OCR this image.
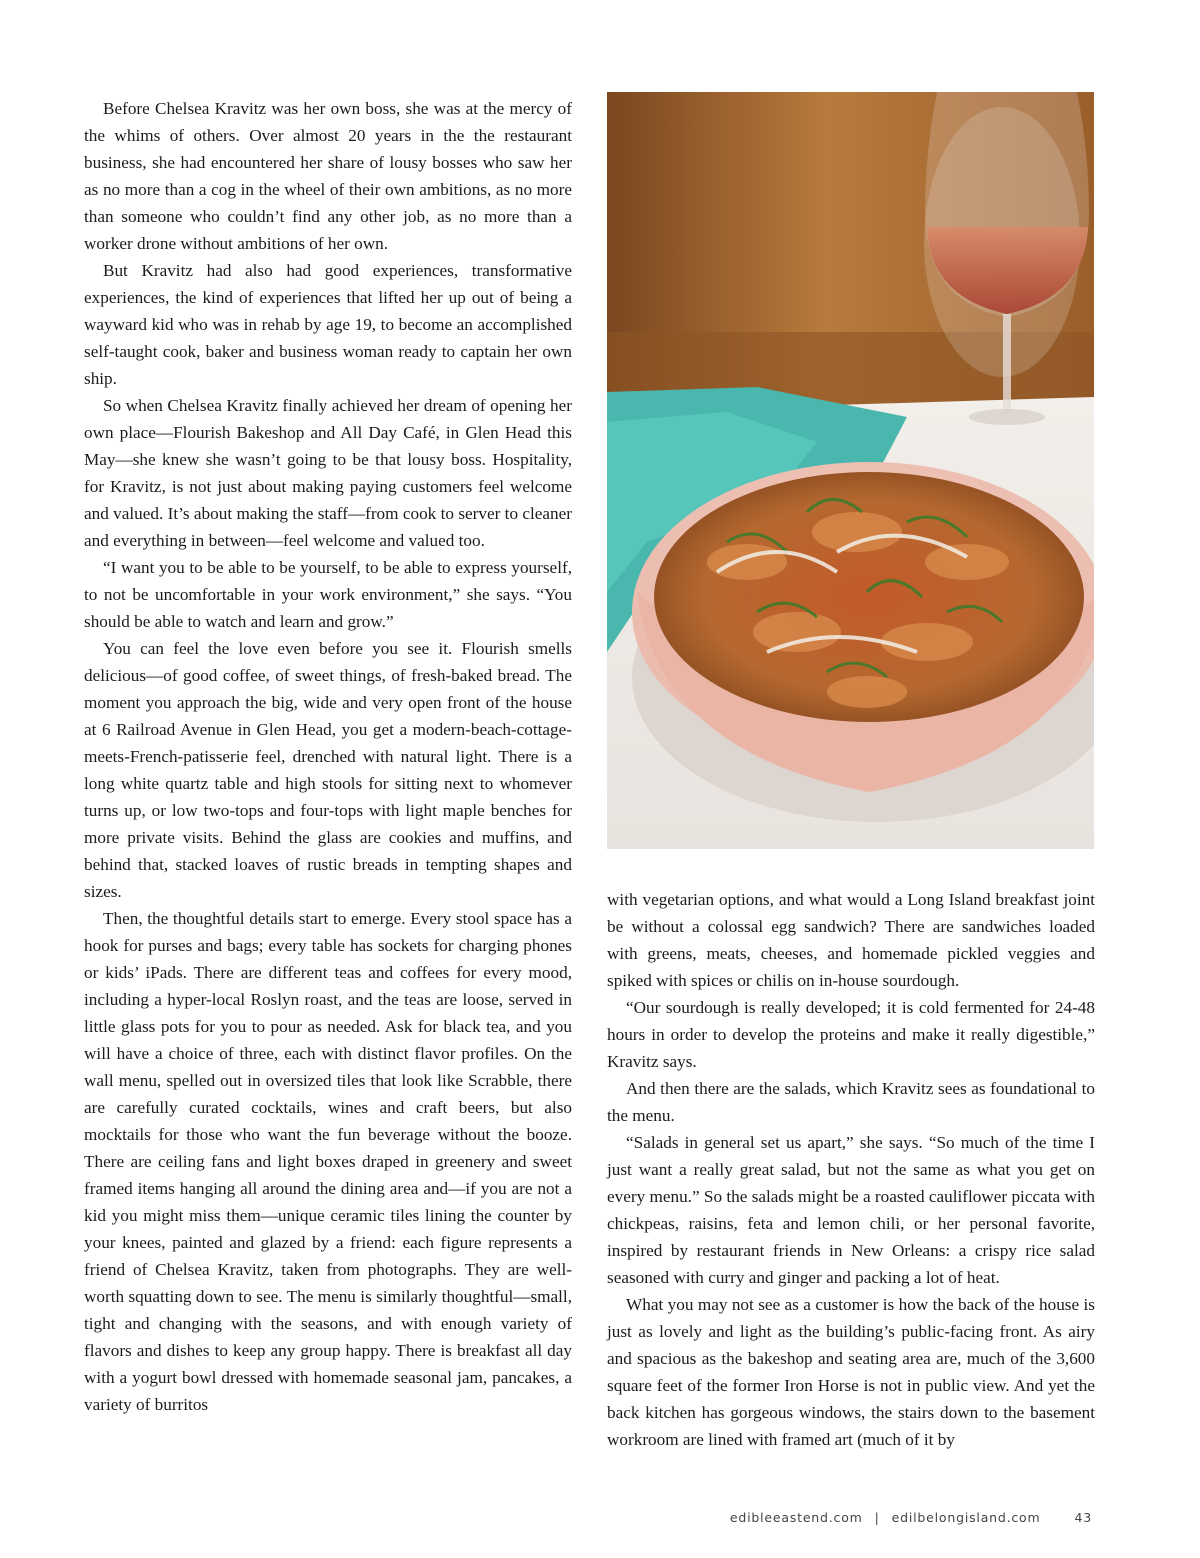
Before Chelsea Kravitz was her own boss, she was at the mercy of the whims of others. Over almost 20 years in the the restaurant business, she had encountered her share of lousy bosses who saw her as no more than a cog in the wheel of their own ambitions, as no more than someone who couldn’t find any other job, as no more than a worker drone without ambitions of her own.

But Kravitz had also had good experiences, transformative experiences, the kind of experiences that lifted her up out of being a wayward kid who was in rehab by age 19, to become an accomplished self-taught cook, baker and business woman ready to captain her own ship.

So when Chelsea Kravitz finally achieved her dream of opening her own place—Flourish Bakeshop and All Day Café, in Glen Head this May—she knew she wasn’t going to be that lousy boss. Hospitality, for Kravitz, is not just about making paying customers feel welcome and valued. It’s about making the staff—from cook to server to cleaner and everything in between—feel welcome and valued too.

“I want you to be able to be yourself, to be able to express yourself, to not be uncomfortable in your work environment,” she says. “You should be able to watch and learn and grow.”

You can feel the love even before you see it. Flourish smells delicious—of good coffee, of sweet things, of fresh-baked bread. The moment you approach the big, wide and very open front of the house at 6 Railroad Avenue in Glen Head, you get a modern-beach-cottage-meets-French-patisserie feel, drenched with natural light. There is a long white quartz table and high stools for sitting next to whomever turns up, or low two-tops and four-tops with light maple benches for more private visits. Behind the glass are cookies and muffins, and behind that, stacked loaves of rustic breads in tempting shapes and sizes.

Then, the thoughtful details start to emerge. Every stool space has a hook for purses and bags; every table has sockets for charging phones or kids’ iPads. There are different teas and coffees for every mood, including a hyper-local Roslyn roast, and the teas are loose, served in little glass pots for you to pour as needed. Ask for black tea, and you will have a choice of three, each with distinct flavor profiles. On the wall menu, spelled out in oversized tiles that look like Scrabble, there are carefully curated cocktails, wines and craft beers, but also mocktails for those who want the fun beverage without the booze. There are ceiling fans and light boxes draped in greenery and sweet framed items hanging all around the dining area and—if you are not a kid you might miss them—unique ceramic tiles lining the counter by your knees, painted and glazed by a friend: each figure represents a friend of Chelsea Kravitz, taken from photographs. They are well-worth squatting down to see. The menu is similarly thoughtful—small, tight and changing with the seasons, and with enough variety of flavors and dishes to keep any group happy. There is breakfast all day with a yogurt bowl dressed with homemade seasonal jam, pancakes, a variety of burritos

with vegetarian options, and what would a Long Island breakfast joint be without a colossal egg sandwich? There are sandwiches loaded with greens, meats, cheeses, and homemade pickled veggies and spiked with spices or chilis on in-house sourdough.

“Our sourdough is really developed; it is cold fermented for 24-48 hours in order to develop the proteins and make it really digestible,” Kravitz says.

And then there are the salads, which Kravitz sees as foundational to the menu.

“Salads in general set us apart,” she says. “So much of the time I just want a really great salad, but not the same as what you get on every menu.” So the salads might be a roasted cauliflower piccata with chickpeas, raisins, feta and lemon chili, or her personal favorite, inspired by restaurant friends in New Orleans: a crispy rice salad seasoned with curry and ginger and packing a lot of heat.

What you may not see as a customer is how the back of the house is just as lovely and light as the building’s public-facing front. As airy and spacious as the bakeshop and seating area are, much of the 3,600 square feet of the former Iron Horse is not in public view. And yet the back kitchen has gorgeous windows, the stairs down to the basement workroom are lined with framed art (much of it by

edibleeastend.com | edilbelongisland.com	43
